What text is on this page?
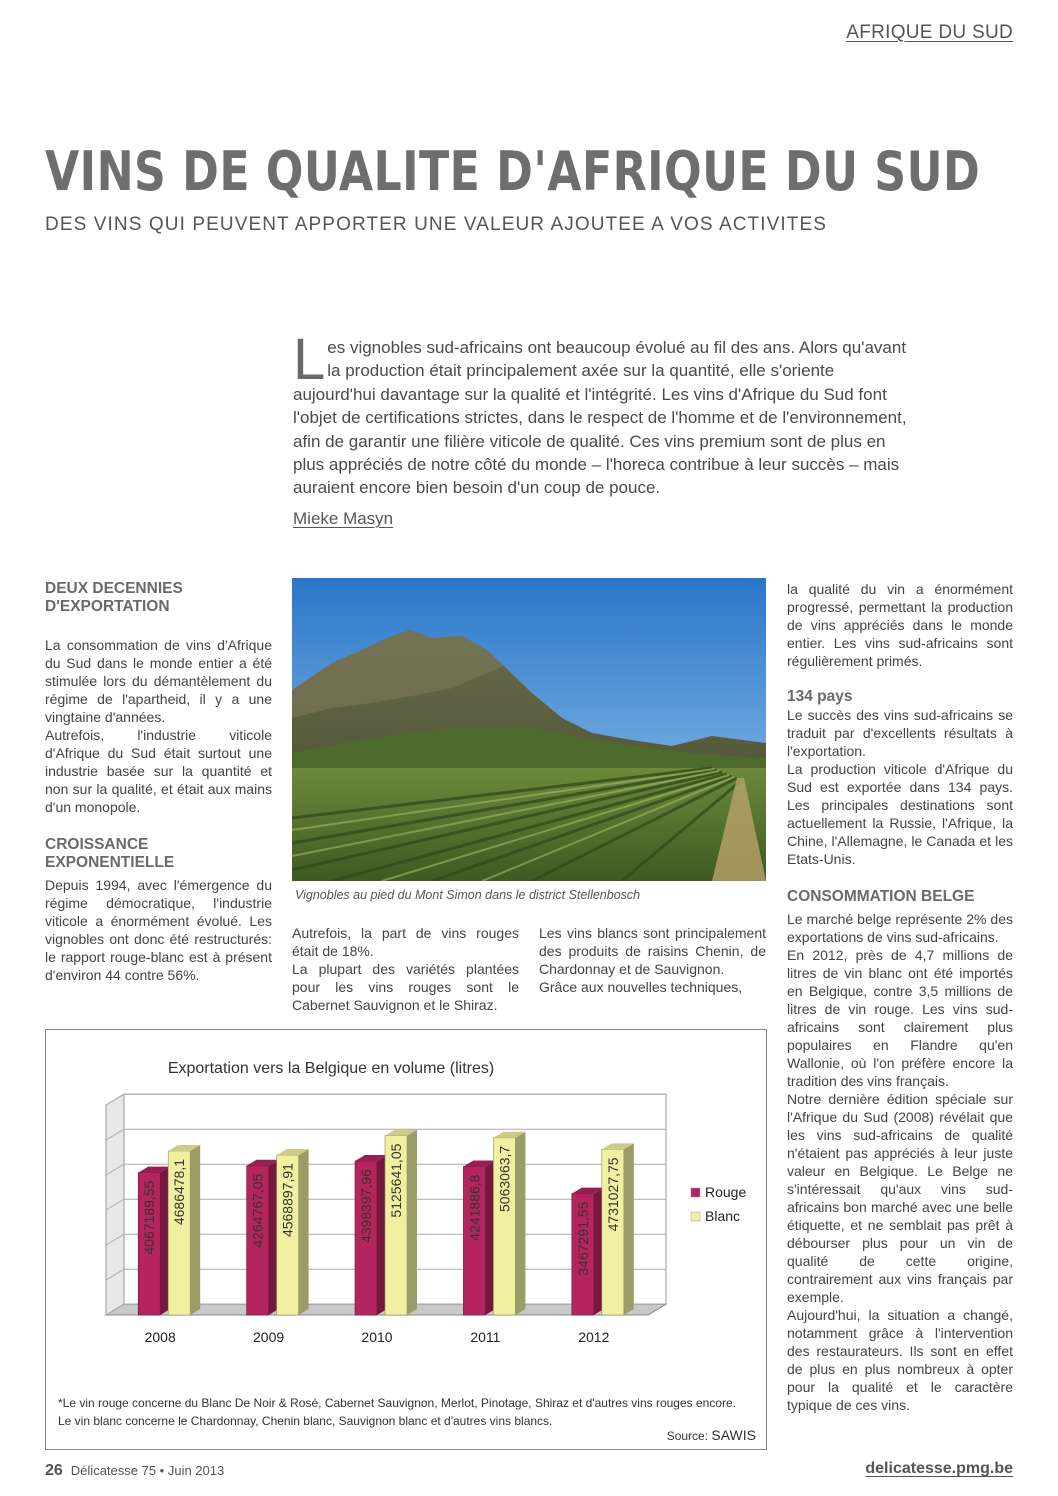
AFRIQUE DU SUD
VINS DE QUALITE D'AFRIQUE DU SUD
DES VINS QUI PEUVENT APPORTER UNE VALEUR AJOUTEE A VOS ACTIVITES
Les vignobles sud-africains ont beaucoup évolué au fil des ans. Alors qu'avant la production était principalement axée sur la quantité, elle s'oriente aujourd'hui davantage sur la qualité et l'intégrité. Les vins d'Afrique du Sud font l'objet de certifications strictes, dans le respect de l'homme et de l'environnement, afin de garantir une filière viticole de qualité. Ces vins premium sont de plus en plus appréciés de notre côté du monde – l'horeca contribue à leur succès – mais auraient encore bien besoin d'un coup de pouce.
Mieke Masyn
DEUX DECENNIES D'EXPORTATION

La consommation de vins d'Afrique du Sud dans le monde entier a été stimulée lors du démantèlement du régime de l'apartheid, il y a une vingtaine d'années.

Autrefois, l'industrie viticole d'Afrique du Sud était surtout une industrie basée sur la quantité et non sur la qualité, et était aux mains d'un monopole.

CROISSANCE EXPONENTIELLE

Depuis 1994, avec l'émergence du régime démocratique, l'industrie viticole a énormément évolué. Les vignobles ont donc été restructurés: le rapport rouge-blanc est à présent d'environ 44 contre 56%.

Vignobles au pied du Mont Simon dans le district Stellenbosch

Autrefois, la part de vins rouges était de 18%.

La plupart des variétés plantées pour les vins rouges sont le Cabernet Sauvignon et le Shiraz.

Les vins blancs sont principalement des produits de raisins Chenin, de Chardonnay et de Sauvignon.

Grâce aux nouvelles techniques,

la qualité du vin a énormément progressé, permettant la production de vins appréciés dans le monde entier. Les vins sud-africains sont régulièrement primés.

134 pays

Le succès des vins sud-africains se traduit par d'excellents résultats à l'exportation.

La production viticole d'Afrique du Sud est exportée dans 134 pays. Les principales destinations sont actuellement la Russie, l'Afrique, la Chine, l'Allemagne, le Canada et les Etats-Unis.

CONSOMMATION BELGE

Le marché belge représente 2% des exportations de vins sud-africains.

En 2012, près de 4,7 millions de litres de vin blanc ont été importés en Belgique, contre 3,5 millions de litres de vin rouge. Les vins sud-africains sont clairement plus populaires en Flandre qu'en Wallonie, où l'on préfère encore la tradition des vins français.

Notre dernière édition spéciale sur l'Afrique du Sud (2008) révélait que les vins sud-africains de qualité n'étaient pas appréciés à leur juste valeur en Belgique. Le Belge ne s'intéressait qu'aux vins sud-africains bon marché avec une belle étiquette, et ne semblait pas prêt à débourser plus pour un vin de qualité de cette origine, contrairement aux vins français par exemple.

Aujourd'hui, la situation a changé, notamment grâce à l'intervention des restaurateurs. Ils sont en effet de plus en plus nombreux à opter pour la qualité et le caractère typique de ces vins.

4067189,55 4686478,1
2008
4264767,05 4568897,91
2009
4398397,96 5125641,05
2010
4241886,8 5063063,7
2011
3467291,55
4731027,75
2012
Rouge
Blanc
Exportation vers la Belgique en volume (litres)
*Le vin rouge concerne du Blanc De Noir & Rosé, Cabernet Sauvignon, Merlot, Pinotage, Shiraz et d'autres vins rouges encore.
Le vin blanc concerne le Chardonnay, Chenin blanc, Sauvignon blanc et d'autres vins blancs.
Source: SAWIS
26 Délicatesse 75 • Juin 2013	delicatesse.pmg.be
